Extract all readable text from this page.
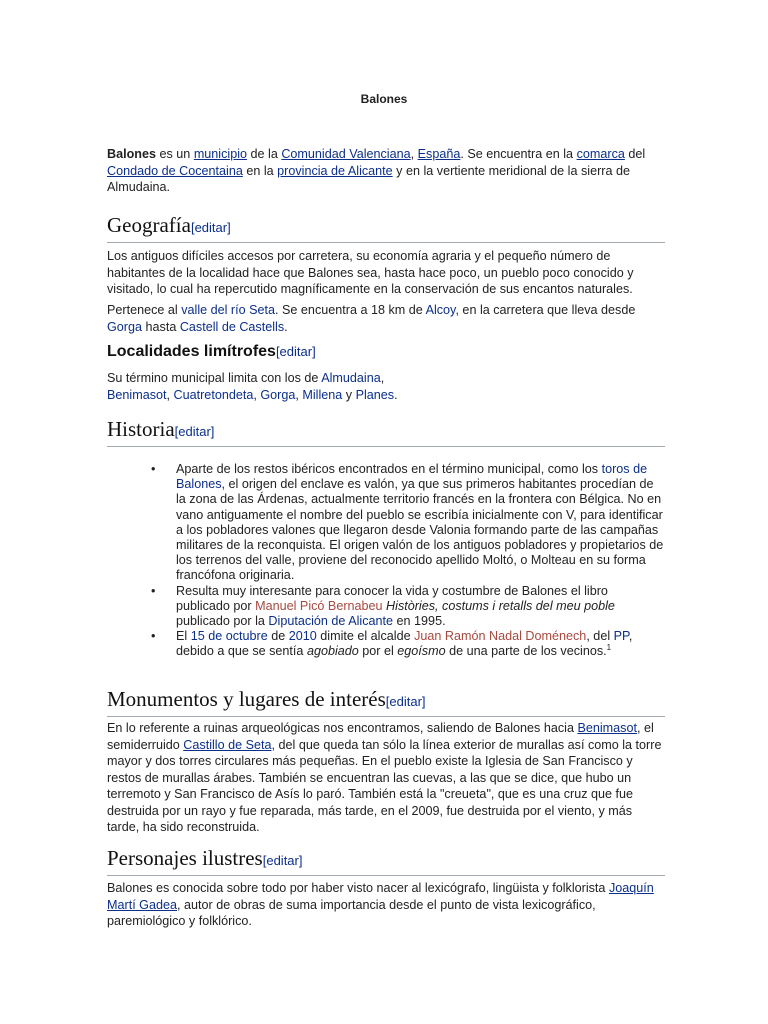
Balones
Balones es un municipio de la Comunidad Valenciana, España. Se encuentra en la comarca del Condado de Cocentaina en la provincia de Alicante y en la vertiente meridional de la sierra de Almudaina.
Geografía[editar]
Los antiguos difíciles accesos por carretera, su economía agraria y el pequeño número de habitantes de la localidad hace que Balones sea, hasta hace poco, un pueblo poco conocido y visitado, lo cual ha repercutido magníficamente en la conservación de sus encantos naturales.
Pertenece al valle del río Seta. Se encuentra a 18 km de Alcoy, en la carretera que lleva desde Gorga hasta Castell de Castells.
Localidades limítrofes[editar]
Su término municipal limita con los de Almudaina, Benimasot, Cuatretondeta, Gorga, Millena y Planes.
Historia[editar]
• Aparte de los restos ibéricos encontrados en el término municipal, como los toros de Balones, el origen del enclave es valón, ya que sus primeros habitantes procedían de la zona de las Árdenas, actualmente territorio francés en la frontera con Bélgica. No en vano antiguamente el nombre del pueblo se escribía inicialmente con V, para identificar a los pobladores valones que llegaron desde Valonia formando parte de las campañas militares de la reconquista. El origen valón de los antiguos pobladores y propietarios de los terrenos del valle, proviene del reconocido apellido Moltó, o Molteau en su forma francófona originaria.
• Resulta muy interesante para conocer la vida y costumbre de Balones el libro publicado por Manuel Picó Bernabeu Històries, costums i retalls del meu poble publicado por la Diputación de Alicante en 1995.
• El 15 de octubre de 2010 dimite el alcalde Juan Ramón Nadal Doménech, del PP, debido a que se sentía agobiado por el egoísmo de una parte de los vecinos.$^1$
Monumentos y lugares de interés[editar]
En lo referente a ruinas arqueológicas nos encontramos, saliendo de Balones hacia Benimasot, el semiderruido Castillo de Seta, del que queda tan sólo la línea exterior de murallas así como la torre mayor y dos torres circulares más pequeñas. En el pueblo existe la Iglesia de San Francisco y restos de murallas árabes. También se encuentran las cuevas, a las que se dice, que hubo un terremoto y San Francisco de Asís lo paró. También está la "creueta", que es una cruz que fue destruida por un rayo y fue reparada, más tarde, en el 2009, fue destruida por el viento, y más tarde, ha sido reconstruida.
Personajes ilustres[editar]
Balones es conocida sobre todo por haber visto nacer al lexicógrafo, lingüista y folklorista Joaquín Martí Gadea, autor de obras de suma importancia desde el punto de vista lexicográfico, paremiológico y folklórico.
